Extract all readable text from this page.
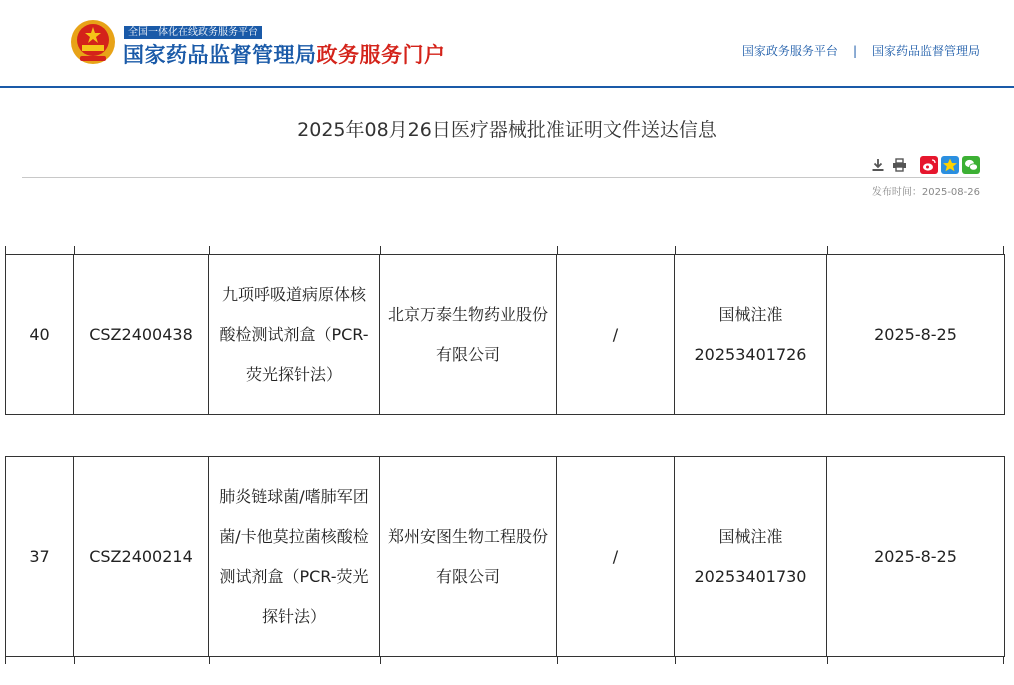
全国一体化在线政务服务平台
国家药品监督管理局政务服务门户	国家政务服务平台 | 国家药品监督管理局
2025年08月26日医疗器械批准证明文件送达信息
发布时间：2025-08-26
40	CSZ2400438	九项呼吸道病原体核酸检测试剂盒（PCR-荧光探针法）	北京万泰生物药业股份有限公司	/	国械注准20253401726	2025-8-25
37	CSZ2400214	肺炎链球菌/嗜肺军团菌/卡他莫拉菌核酸检测试剂盒（PCR-荧光探针法）	郑州安图生物工程股份有限公司	/	国械注准20253401730	2025-8-25
